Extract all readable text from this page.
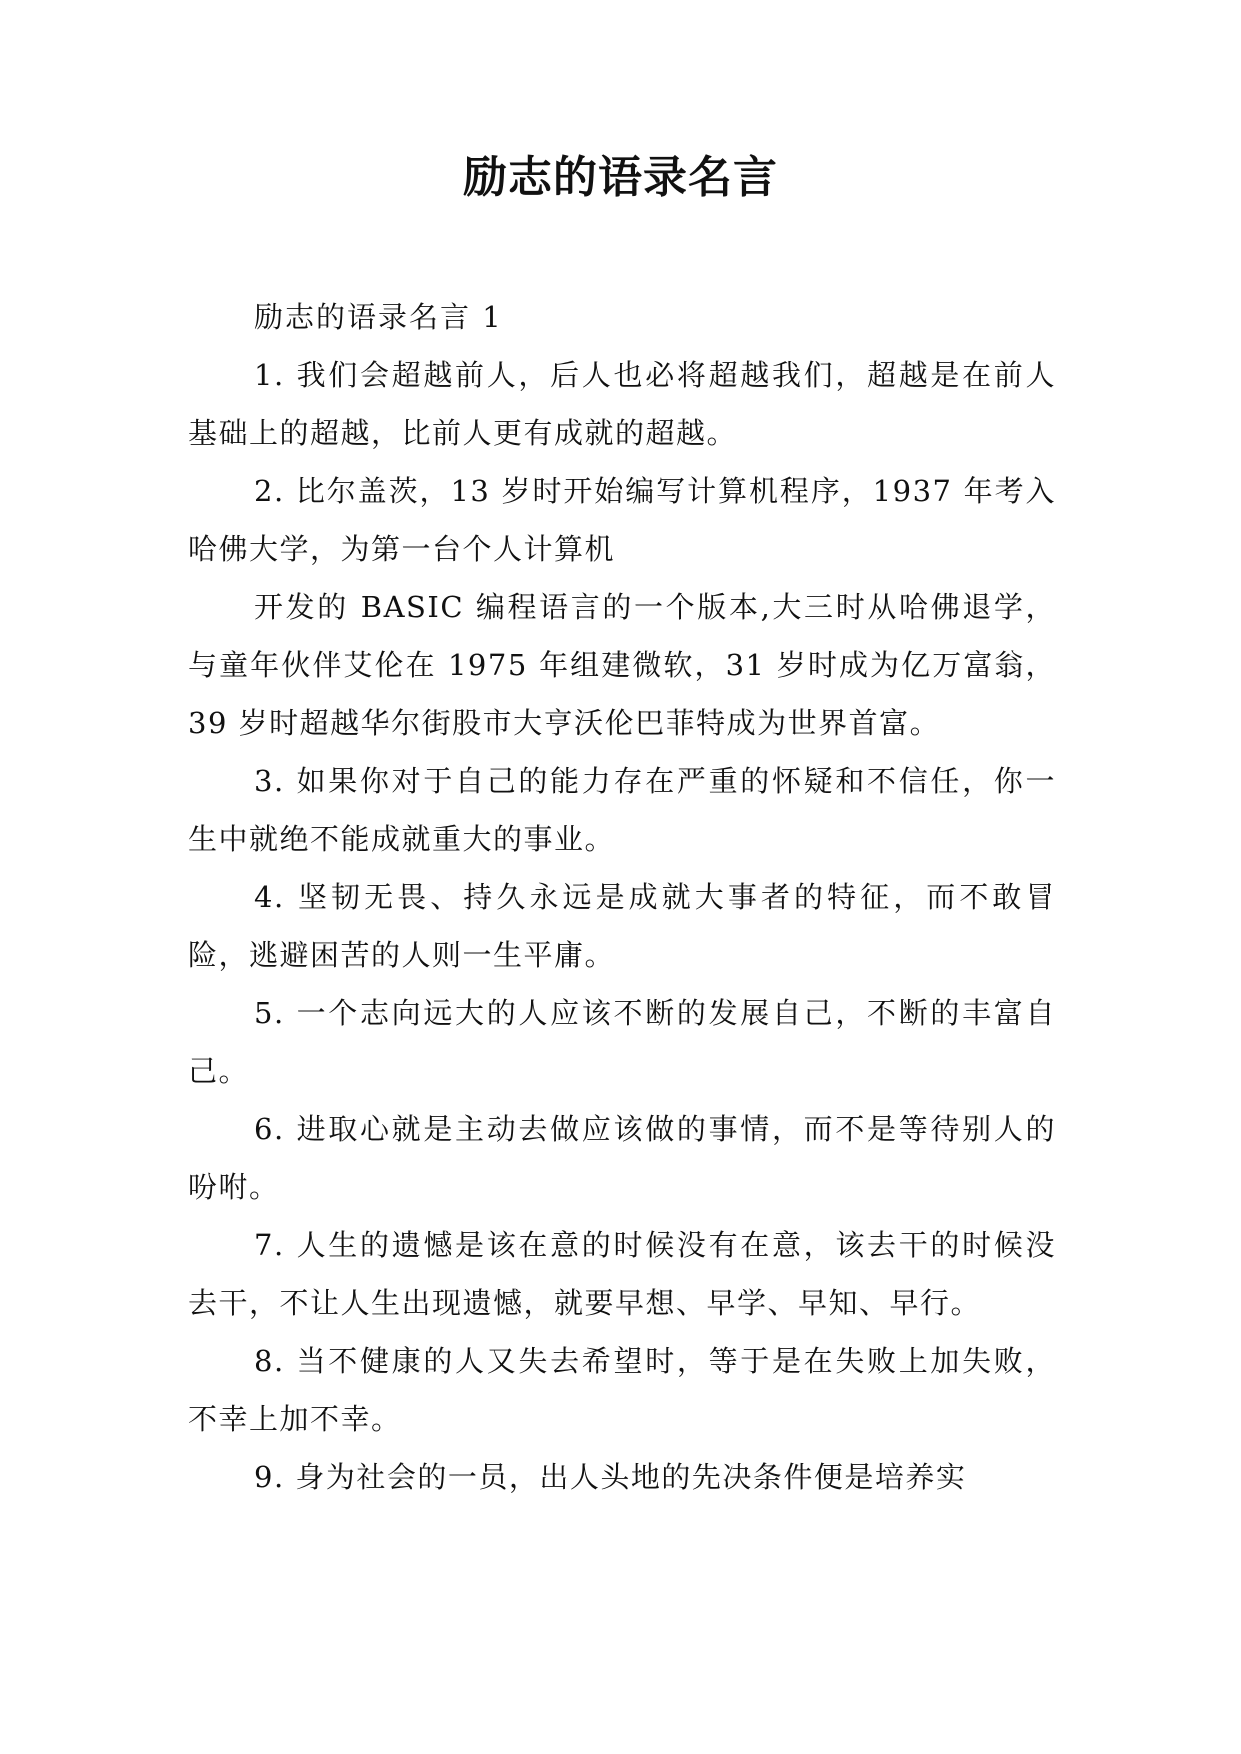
励志的语录名言

励志的语录名言 1

1. 我们会超越前人，后人也必将超越我们，超越是在前人基础上的超越，比前人更有成就的超越。

2. 比尔盖茨，13 岁时开始编写计算机程序，1937 年考入哈佛大学，为第一台个人计算机

开发的 BASIC 编程语言的一个版本,大三时从哈佛退学，与童年伙伴艾伦在 1975 年组建微软，31 岁时成为亿万富翁，39 岁时超越华尔街股市大亨沃伦巴菲特成为世界首富。

3. 如果你对于自己的能力存在严重的怀疑和不信任，你一生中就绝不能成就重大的事业。

4. 坚韧无畏、持久永远是成就大事者的特征，而不敢冒险，逃避困苦的人则一生平庸。

5. 一个志向远大的人应该不断的发展自己，不断的丰富自己。

6. 进取心就是主动去做应该做的事情，而不是等待别人的吩咐。

7. 人生的遗憾是该在意的时候没有在意，该去干的时候没去干，不让人生出现遗憾，就要早想、早学、早知、早行。

8. 当不健康的人又失去希望时，等于是在失败上加失败，不幸上加不幸。

9. 身为社会的一员，出人头地的先决条件便是培养实
